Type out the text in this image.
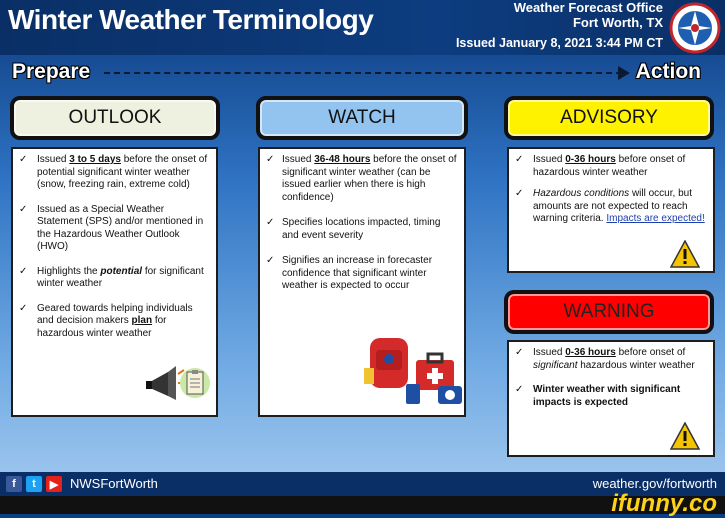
Winter Weather Terminology	Weather Forecast Office
Fort Worth, TX
Issued January 8, 2021 3:44 PM CT
Prepare	Action
OUTLOOK
✓ Issued 3 to 5 days before the onset of potential significant winter weather (snow, freezing rain, extreme cold)
✓ Issued as a Special Weather Statement (SPS) and/or mentioned in the Hazardous Weather Outlook (HWO)
✓ Highlights the potential for significant winter weather
✓ Geared towards helping individuals and decision makers plan for hazardous winter weather
WATCH
✓ Issued 36-48 hours before the onset of significant winter weather (can be issued earlier when there is high confidence)
✓ Specifies locations impacted, timing and event severity
✓ Signifies an increase in forecaster confidence that significant winter weather is expected to occur
ADVISORY
✓ Issued 0-36 hours before onset of hazardous winter weather
✓ Hazardous conditions will occur, but amounts are not expected to reach warning criteria. Impacts are expected!
WARNING
✓ Issued 0-36 hours before onset of significant hazardous winter weather
✓ Winter weather with significant impacts is expected
f	t	▶ NWSFortWorth	weather.gov/fortworth
ifunny.co
